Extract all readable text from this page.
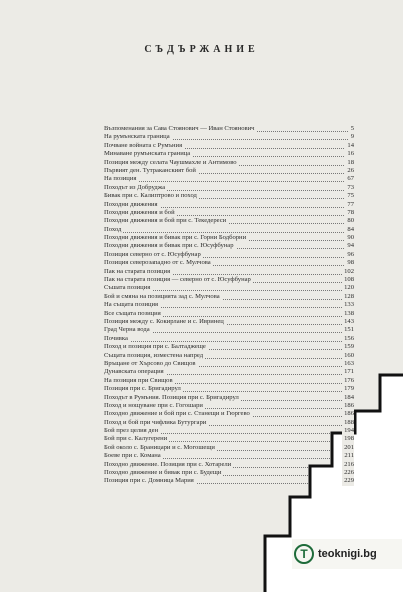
СЪДЪРЖАНИЕ
Възпоменания за Сава Стоянович — Иван Стоянович	5
На румънската граница	9
Почване войната с Румъния	14
Минаване румънската граница	16
Позиция между селата Чаушмахле и Антимово	18
Първият ден. Тутраканският бой	26
На позиция	67
Походът из Добруджа	73
Бивак при с. Калиптрово и поход	75
Походни движения	77
Походни движения и бой	78
Походни движения и бой при с. Текедереси	80
Поход	84
Походни движения и бивак при с. Горни Бодборни	90
Походни движения и бивак при с. Юсуфбунар	94
Позиция северно от с. Юсуфбунар	96
Позиция северозападно от с. Мулчова	98
Пак на старата позиция	102
Пак на старата позиция — северно от с. Юсуфбунар	108
Съшата позиция	120
Бой и смяна на позицията зад с. Мулчова	128
На същата позиция	133
Все същата позиция	138
Позиция между с. Кокирлане и с. Ивринец	143
Град Черна вода	151
Почивка	156
Поход и позиция при с. Балтаджеще	159
Същата позиция, изместена напред	160
Връщане от Хърсово до Свищов	163
Дунавската операция	171
На позиция при Свищов	176
Позиция при с. Бригадирул	179
Походът в Румъния. Позиция при с. Бригадирул	184
Поход и нощуване при с. Гогошари	186
Походно движение и бой при с. Станещи и Гюргево	186
Поход и бой при чифлика Бутургари	188
Бой през целия ден	194
Бой при с. Калугерени	198
Бой около с. Браницари и с. Могошещи	201
Боеве при с. Комана	211
Походно движение. Позиция при с. Хотарели	216
Походно движение и бивак при с. Будещи	226
Позиция при с. Домница Мария	229
Т teoknigi.bg
